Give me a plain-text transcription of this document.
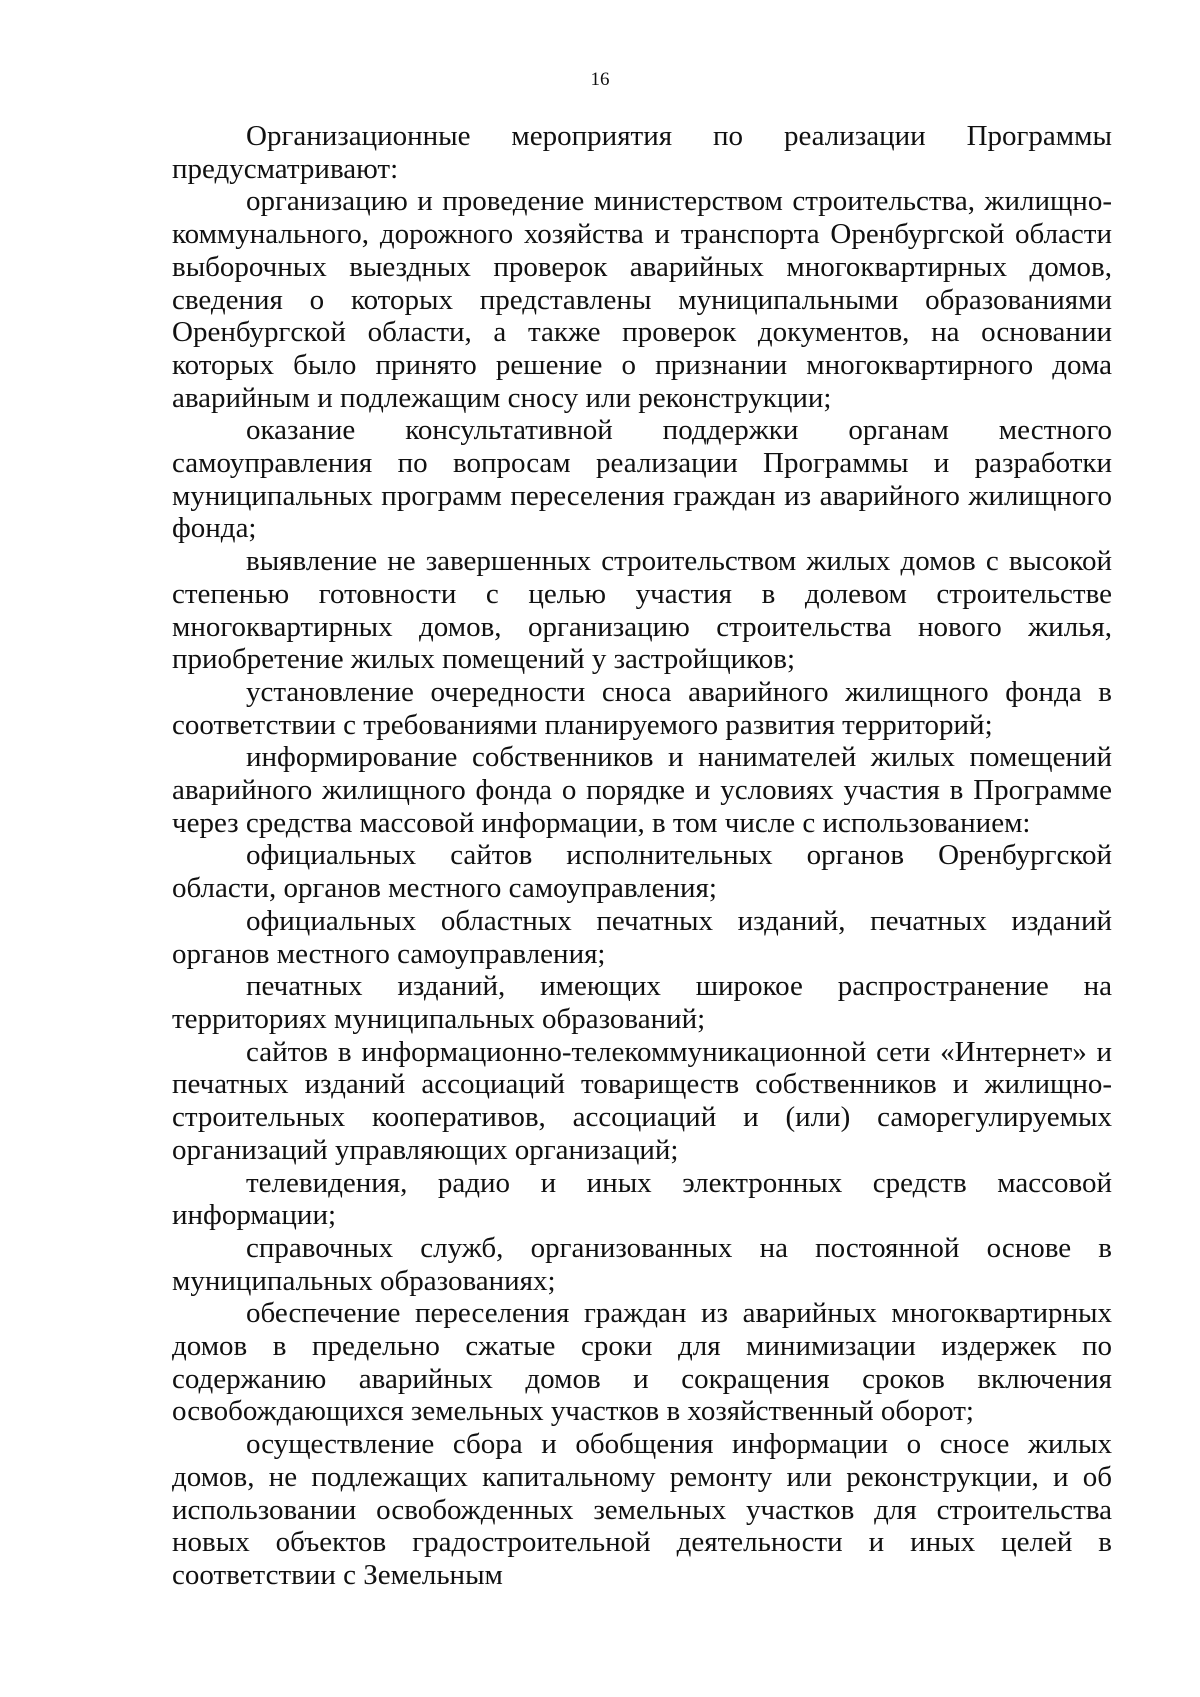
16

Организационные мероприятия по реализации Программы предусматривают:

организацию и проведение министерством строительства, жилищно-коммунального, дорожного хозяйства и транспорта Оренбургской области выборочных выездных проверок аварийных многоквартирных домов, сведения о которых представлены муниципальными образованиями Оренбургской области, а также проверок документов, на основании которых было принято решение о признании многоквартирного дома аварийным и подлежащим сносу или реконструкции;

оказание консультативной поддержки органам местного самоуправления по вопросам реализации Программы и разработки муниципальных программ переселения граждан из аварийного жилищного фонда;

выявление не завершенных строительством жилых домов с высокой степенью готовности с целью участия в долевом строительстве многоквартирных домов, организацию строительства нового жилья, приобретение жилых помещений у застройщиков;

установление очередности сноса аварийного жилищного фонда в соответствии с требованиями планируемого развития территорий;

информирование собственников и нанимателей жилых помещений аварийного жилищного фонда о порядке и условиях участия в Программе через средства массовой информации, в том числе с использованием:

официальных сайтов исполнительных органов Оренбургской области, органов местного самоуправления;

официальных областных печатных изданий, печатных изданий органов местного самоуправления;

печатных изданий, имеющих широкое распространение на территориях муниципальных образований;

сайтов в информационно-телекоммуникационной сети «Интернет» и печатных изданий ассоциаций товариществ собственников и жилищно-строительных кооперативов, ассоциаций и (или) саморегулируемых организаций управляющих организаций;

телевидения, радио и иных электронных средств массовой информации;

справочных служб, организованных на постоянной основе в муниципальных образованиях;

обеспечение переселения граждан из аварийных многоквартирных домов в предельно сжатые сроки для минимизации издержек по содержанию аварийных домов и сокращения сроков включения освобождающихся земельных участков в хозяйственный оборот;

осуществление сбора и обобщения информации о сносе жилых домов, не подлежащих капитальному ремонту или реконструкции, и об использовании освобожденных земельных участков для строительства новых объектов градостроительной деятельности и иных целей в соответствии с Земельным
